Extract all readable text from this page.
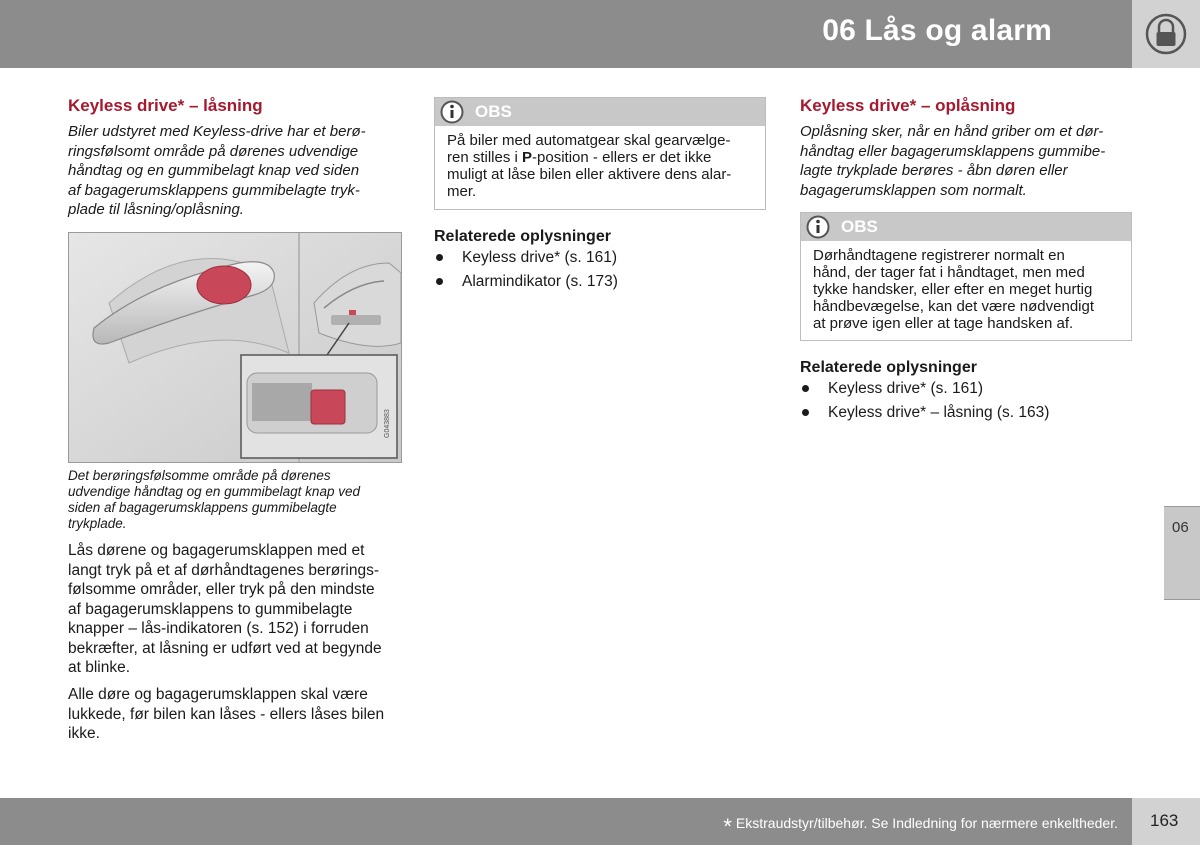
06 Lås og alarm
Keyless drive* – låsning
Biler udstyret med Keyless-drive har et berø-
ringsfølsomt område på dørenes udvendige
håndtag og en gummibelagt knap ved siden
af bagagerumsklappens gummibelagte tryk-
plade til låsning/oplåsning.
G043883
Det berøringsfølsomme område på dørenes
udvendige håndtag og en gummibelagt knap ved
siden af bagagerumsklappens gummibelagte
trykplade.
Lås dørene og bagagerumsklappen med et
langt tryk på et af dørhåndtagenes berørings-
følsomme områder, eller tryk på den mindste
af bagagerumsklappens to gummibelagte
knapper – lås-indikatoren (s. 152) i forruden
bekræfter, at låsning er udført ved at begynde
at blinke.
Alle døre og bagagerumsklappen skal være
lukkede, før bilen kan låses - ellers låses bilen
ikke.
OBS
På biler med automatgear skal gearvælge-
ren stilles i P-position - ellers er det ikke
muligt at låse bilen eller aktivere dens alar-
mer.
Relaterede oplysninger
Keyless drive* (s. 161)
Alarmindikator (s. 173)
Keyless drive* – oplåsning
Oplåsning sker, når en hånd griber om et dør-
håndtag eller bagagerumsklappens gummibe-
lagte trykplade berøres - åbn døren eller
bagagerumsklappen som normalt.
OBS
Dørhåndtagene registrerer normalt en
hånd, der tager fat i håndtaget, men med
tykke handsker, eller efter en meget hurtig
håndbevægelse, kan det være nødvendigt
at prøve igen eller at tage handsken af.
Relaterede oplysninger
Keyless drive* (s. 161)
Keyless drive* – låsning (s. 163)
06
* Ekstraudstyr/tilbehør. Se Indledning for nærmere enkeltheder. 163
